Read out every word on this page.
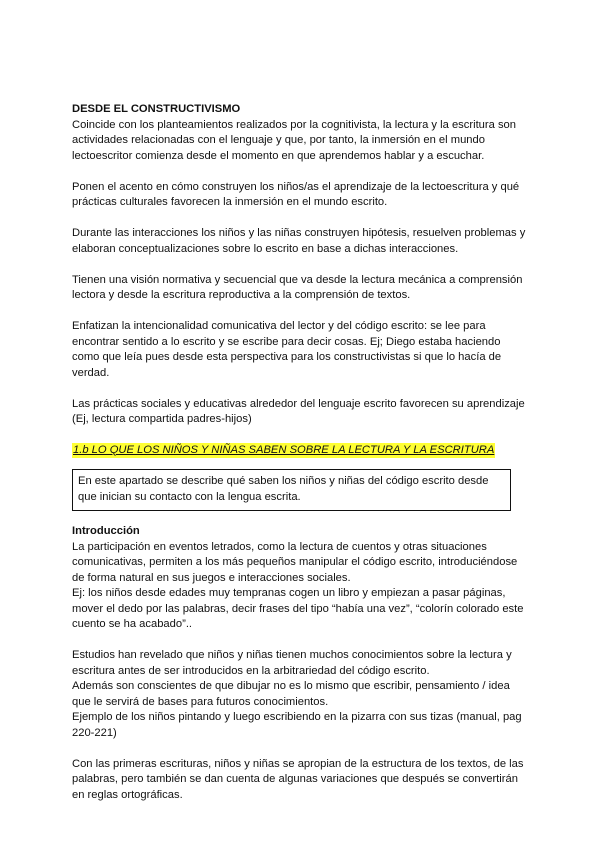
DESDE EL CONSTRUCTIVISMO

Coincide con los planteamientos realizados por la cognitivista, la lectura y la escritura son actividades relacionadas con el lenguaje y que, por tanto, la inmersión en el mundo lectoescritor comienza desde el momento en que aprendemos hablar y a escuchar.

Ponen el acento en cómo construyen los niños/as el aprendizaje de la lectoescritura y qué prácticas culturales favorecen la inmersión en el mundo escrito.

Durante las interacciones los niños y las niñas construyen hipótesis, resuelven problemas y elaboran conceptualizaciones sobre lo escrito en base a dichas interacciones.

Tienen una visión normativa y secuencial que va desde la lectura mecánica a comprensión lectora y desde la escritura reproductiva a la comprensión de textos.

Enfatizan la intencionalidad comunicativa del lector y del código escrito: se lee para encontrar sentido a lo escrito y se escribe para decir cosas. Ej; Diego estaba haciendo como que leía pues desde esta perspectiva para los constructivistas si que lo hacía de verdad.

Las prácticas sociales y educativas alrededor del lenguaje escrito favorecen su aprendizaje (Ej, lectura compartida padres-hijos)

1.b LO QUE LOS NIÑOS Y NIÑAS SABEN SOBRE LA LECTURA Y LA ESCRITURA

En este apartado se describe qué saben los niños y niñas del código escrito desde que inician su contacto con la lengua escrita.

Introducción

La participación en eventos letrados, como la lectura de cuentos y otras situaciones comunicativas, permiten a los más pequeños manipular el código escrito, introduciéndose de forma natural en sus juegos e interacciones sociales.

Ej: los niños desde edades muy tempranas cogen un libro y empiezan a pasar páginas, mover el dedo por las palabras, decir frases del tipo “había una vez”, “colorín colorado este cuento se ha acabado”..

Estudios han revelado que niños y niñas tienen muchos conocimientos sobre la lectura y escritura antes de ser introducidos en la arbitrariedad del código escrito.

Además son conscientes de que dibujar no es lo mismo que escribir, pensamiento / idea que le servirá de bases para futuros conocimientos.

Ejemplo de los niños pintando y luego escribiendo en la pizarra con sus tizas (manual, pag 220-221)

Con las primeras escrituras, niños y niñas se apropian de la estructura de los textos, de las palabras, pero también se dan cuenta de algunas variaciones que después se convertirán en reglas ortográficas.
